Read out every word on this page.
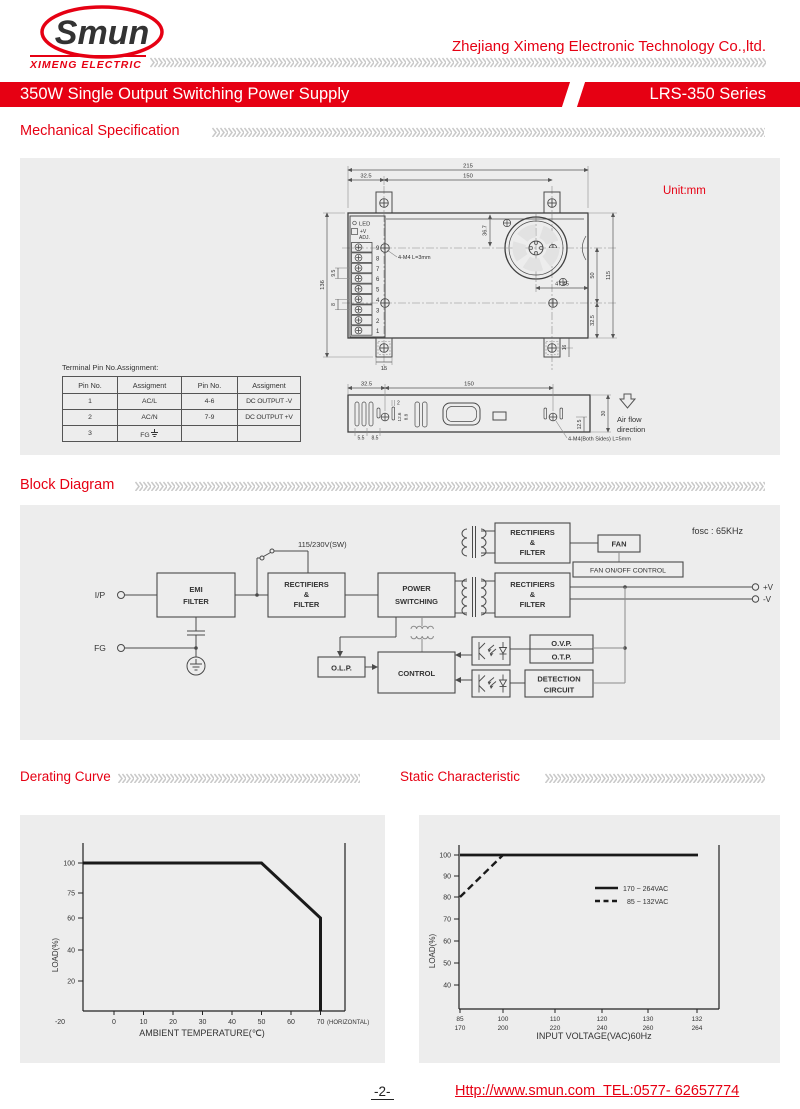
Smun
XIMENG ELECTRIC
Zhejiang Ximeng Electronic Technology Co.,ltd.
350W Single Output Switching Power Supply	LRS-350 Series
Mechanical Specification
LED
+V
ADJ.
9
8
7
6
5
4
3
2
1
215
32.5	150
136
9.5
8
36.7
47.45
50 115
32.5
16
15
4-M4 L=3mm
32.5	150
2
12.6 8.8
5.5 8.5
12.5
30
4-M4(Both Sides) L=5mm
Air flow
direction
Unit:mm
Terminal Pin No.Assignment:
Pin No.	Assigment	Pin No.	Assigment
1	AC/L	4-6	DC OUTPUT -V
2	AC/N	7-9	DC OUTPUT +V
3	FG		
Block Diagram
I/P
EMI
FILTER
115/230V(SW)
RECTIFIERS
&
FILTER
POWER
SWITCHING
RECTIFIERS
&
FILTER
FAN
FAN ON/OFF CONTROL
fosc : 65KHz
RECTIFIERS
&
FILTER
+V
-V
FG
O.L.P.
CONTROL
O.V.P.
O.T.P.
DETECTION
CIRCUIT
Derating Curve	Static Characteristic
100
75
60
40
20
-20	0	10	20	30	40	50	60	70 (HORIZONTAL)
LOAD(%)
AMBIENT TEMPERATURE(℃)
100
90
80
70
60
50
40
85	100	110	120	130	132
170	200	220	240	260	264
LOAD(%)
INPUT VOLTAGE(VAC)60Hz
170 ~ 264VAC
85 ~ 132VAC
-2-	Http://www.smun.com  TEL:0577- 62657774
